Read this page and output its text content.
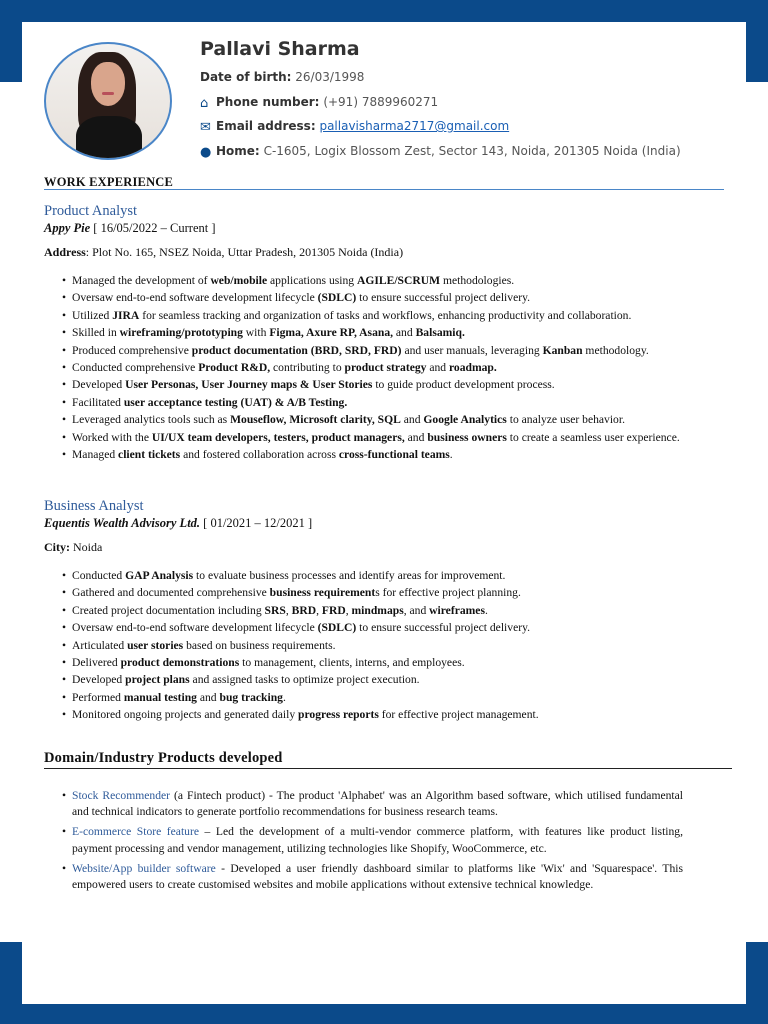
Pallavi Sharma
Date of birth: 26/03/1998
⌂ Phone number: (+91) 7889960271
✉ Email address: pallavisharma2717@gmail.com
● Home: C-1605, Logix Blossom Zest, Sector 143, Noida, 201305 Noida (India)
WORK EXPERIENCE
Product Analyst
Appy Pie [ 16/05/2022 – Current ]
Address: Plot No. 165, NSEZ Noida, Uttar Pradesh, 201305 Noida (India)
• Managed the development of web/mobile applications using AGILE/SCRUM methodologies.
• Oversaw end-to-end software development lifecycle (SDLC) to ensure successful project delivery.
• Utilized JIRA for seamless tracking and organization of tasks and workflows, enhancing productivity and collaboration.
• Skilled in wireframing/prototyping with Figma, Axure RP, Asana, and Balsamiq.
• Produced comprehensive product documentation (BRD, SRD, FRD) and user manuals, leveraging Kanban methodology.
• Conducted comprehensive Product R&D, contributing to product strategy and roadmap.
• Developed User Personas, User Journey maps & User Stories to guide product development process.
• Facilitated user acceptance testing (UAT) & A/B Testing.
• Leveraged analytics tools such as Mouseflow, Microsoft clarity, SQL and Google Analytics to analyze user behavior.
• Worked with the UI/UX team developers, testers, product managers, and business owners to create a seamless user experience.
• Managed client tickets and fostered collaboration across cross-functional teams.
Business Analyst
Equentis Wealth Advisory Ltd. [ 01/2021 – 12/2021 ]
City: Noida
• Conducted GAP Analysis to evaluate business processes and identify areas for improvement.
• Gathered and documented comprehensive business requirements for effective project planning.
• Created project documentation including SRS, BRD, FRD, mindmaps, and wireframes.
• Oversaw end-to-end software development lifecycle (SDLC) to ensure successful project delivery.
• Articulated user stories based on business requirements.
• Delivered product demonstrations to management, clients, interns, and employees.
• Developed project plans and assigned tasks to optimize project execution.
• Performed manual testing and bug tracking.
• Monitored ongoing projects and generated daily progress reports for effective project management.
Domain/Industry Products developed
• Stock Recommender (a Fintech product) - The product 'Alphabet' was an Algorithm based software, which utilised fundamental and technical indicators to generate portfolio recommendations for business research teams.
• E-commerce Store feature – Led the development of a multi-vendor commerce platform, with features like product listing, payment processing and vendor management, utilizing technologies like Shopify, WooCommerce, etc.
• Website/App builder software - Developed a user friendly dashboard similar to platforms like 'Wix' and 'Squarespace'. This empowered users to create customised websites and mobile applications without extensive technical knowledge.
